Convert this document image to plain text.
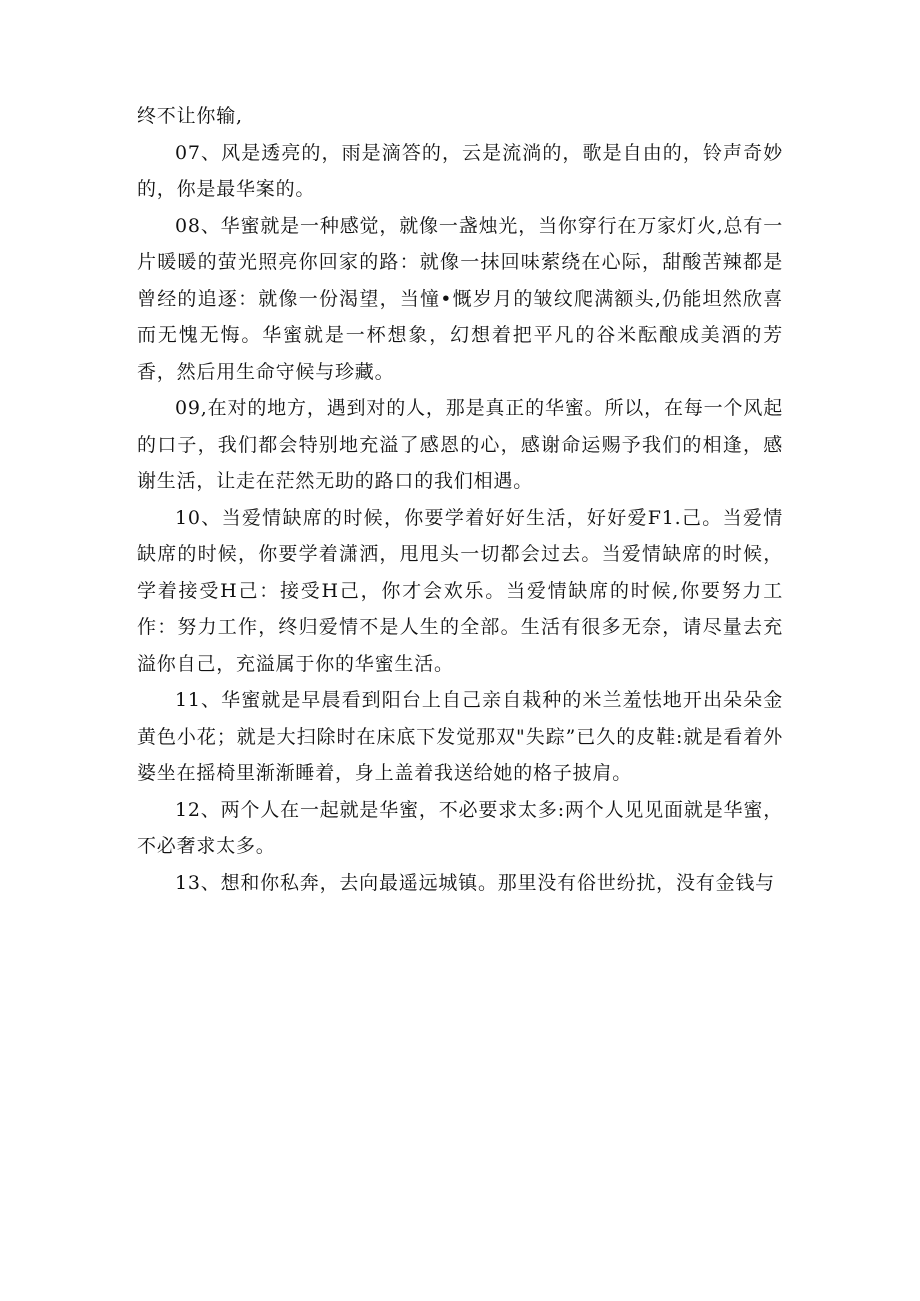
终不让你输,

07、风是透亮的，雨是滴答的，云是流淌的，歌是自由的，铃声奇妙的，你是最华案的。

08、华蜜就是一种感觉，就像一盏烛光，当你穿行在万家灯火,总有一片暖暖的萤光照亮你回家的路：就像一抹回味萦绕在心际，甜酸苦辣都是曾经的追逐：就像一份渴望，当憧•慨岁月的皱纹爬满额头,仍能坦然欣喜而无愧无悔。华蜜就是一杯想象，幻想着把平凡的谷米酝酿成美酒的芳香，然后用生命守候与珍藏。

09,在对的地方，遇到对的人，那是真正的华蜜。所以，在每一个风起的口子，我们都会特别地充溢了感恩的心，感谢命运赐予我们的相逢，感谢生活，让走在茫然无助的路口的我们相遇。

10、当爱情缺席的时候，你要学着好好生活，好好爱F1.己。当爱情缺席的时候，你要学着潇洒，甩甩头一切都会过去。当爱情缺席的时候，学着接受H己：接受H己，你才会欢乐。当爱情缺席的时候,你要努力工作：努力工作，终归爱情不是人生的全部。生活有很多无奈，请尽量去充溢你自己，充溢属于你的华蜜生活。

11、华蜜就是早晨看到阳台上自己亲自栽种的米兰羞怯地开出朵朵金黄色小花；就是大扫除时在床底下发觉那双"失踪”已久的皮鞋:就是看着外婆坐在摇椅里渐渐睡着，身上盖着我送给她的格子披肩。

12、两个人在一起就是华蜜，不必要求太多:两个人见见面就是华蜜，不必奢求太多。

13、想和你私奔，去向最遥远城镇。那里没有俗世纷扰，没有金钱与
